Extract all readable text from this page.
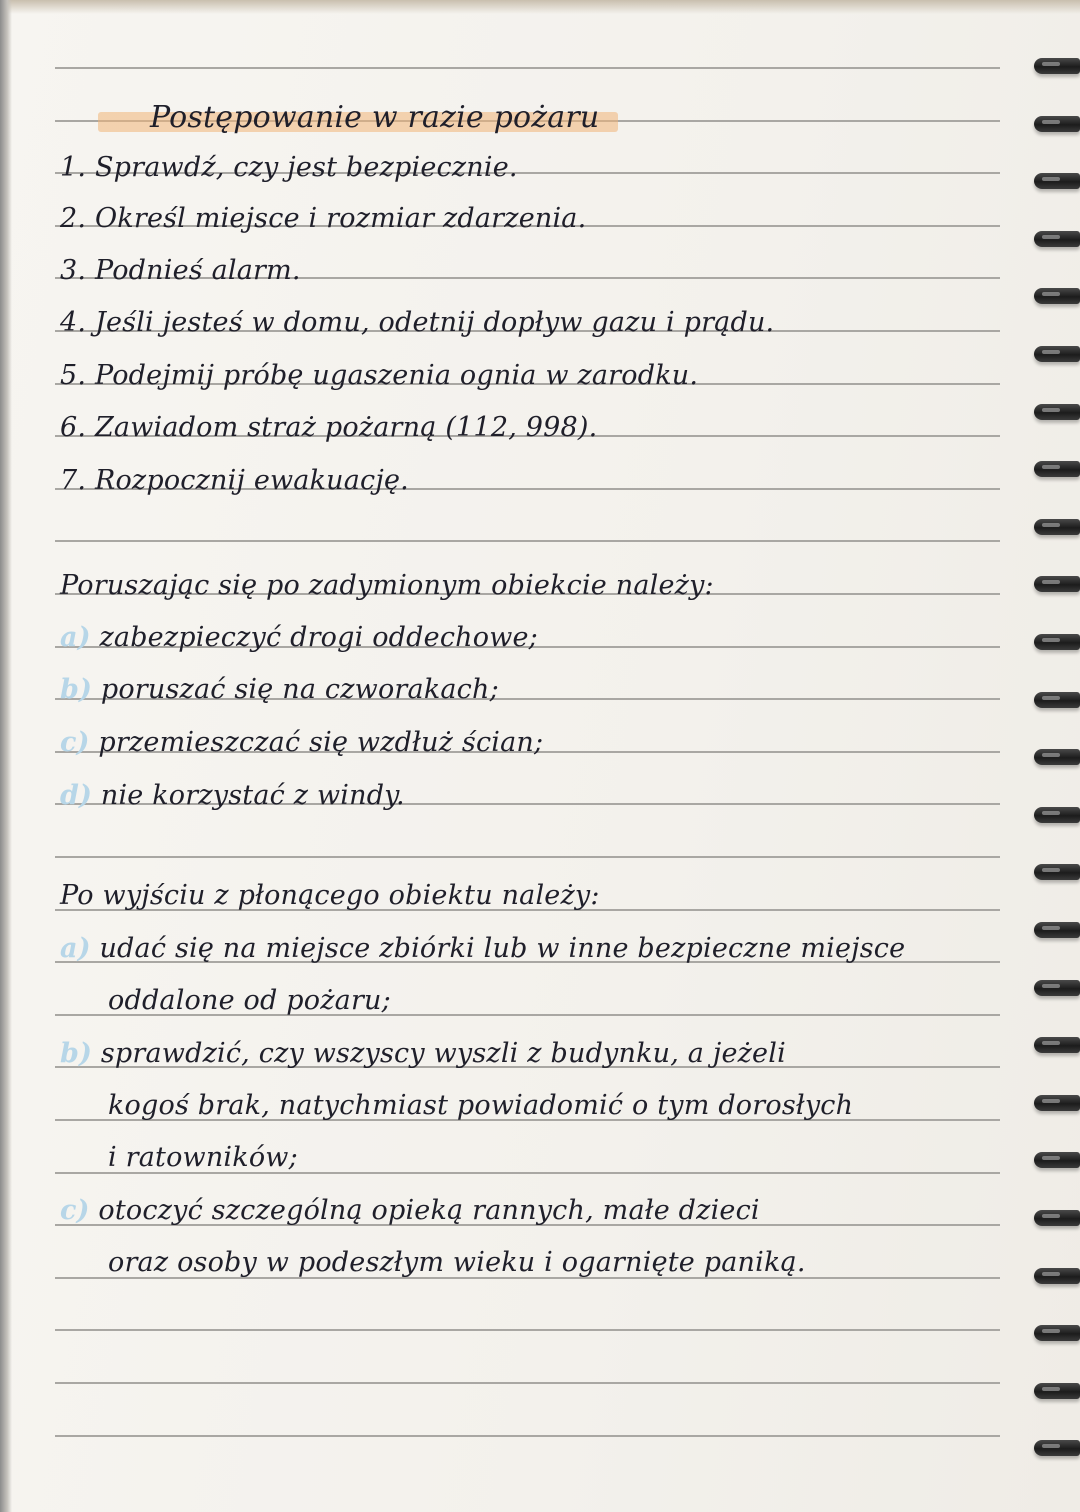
Postępowanie w razie pożaru
1. Sprawdź, czy jest bezpiecznie.
2. Określ miejsce i rozmiar zdarzenia.
3. Podnieś alarm.
4. Jeśli jesteś w domu, odetnij dopływ gazu i prądu.
5. Podejmij próbę ugaszenia ognia w zarodku.
6. Zawiadom straż pożarną (112, 998).
7. Rozpocznij ewakuację.
Poruszając się po zadymionym obiekcie należy:
a) zabezpieczyć drogi oddechowe;
b) poruszać się na czworakach;
c) przemieszczać się wzdłuż ścian;
d) nie korzystać z windy.
Po wyjściu z płonącego obiektu należy:
a) udać się na miejsce zbiórki lub w inne bezpieczne miejsce
oddalone od pożaru;
b) sprawdzić, czy wszyscy wyszli z budynku, a jeżeli
kogoś brak, natychmiast powiadomić o tym dorosłych
i ratowników;
c) otoczyć szczególną opieką rannych, małe dzieci
oraz osoby w podeszłym wieku i ogarnięte paniką.
